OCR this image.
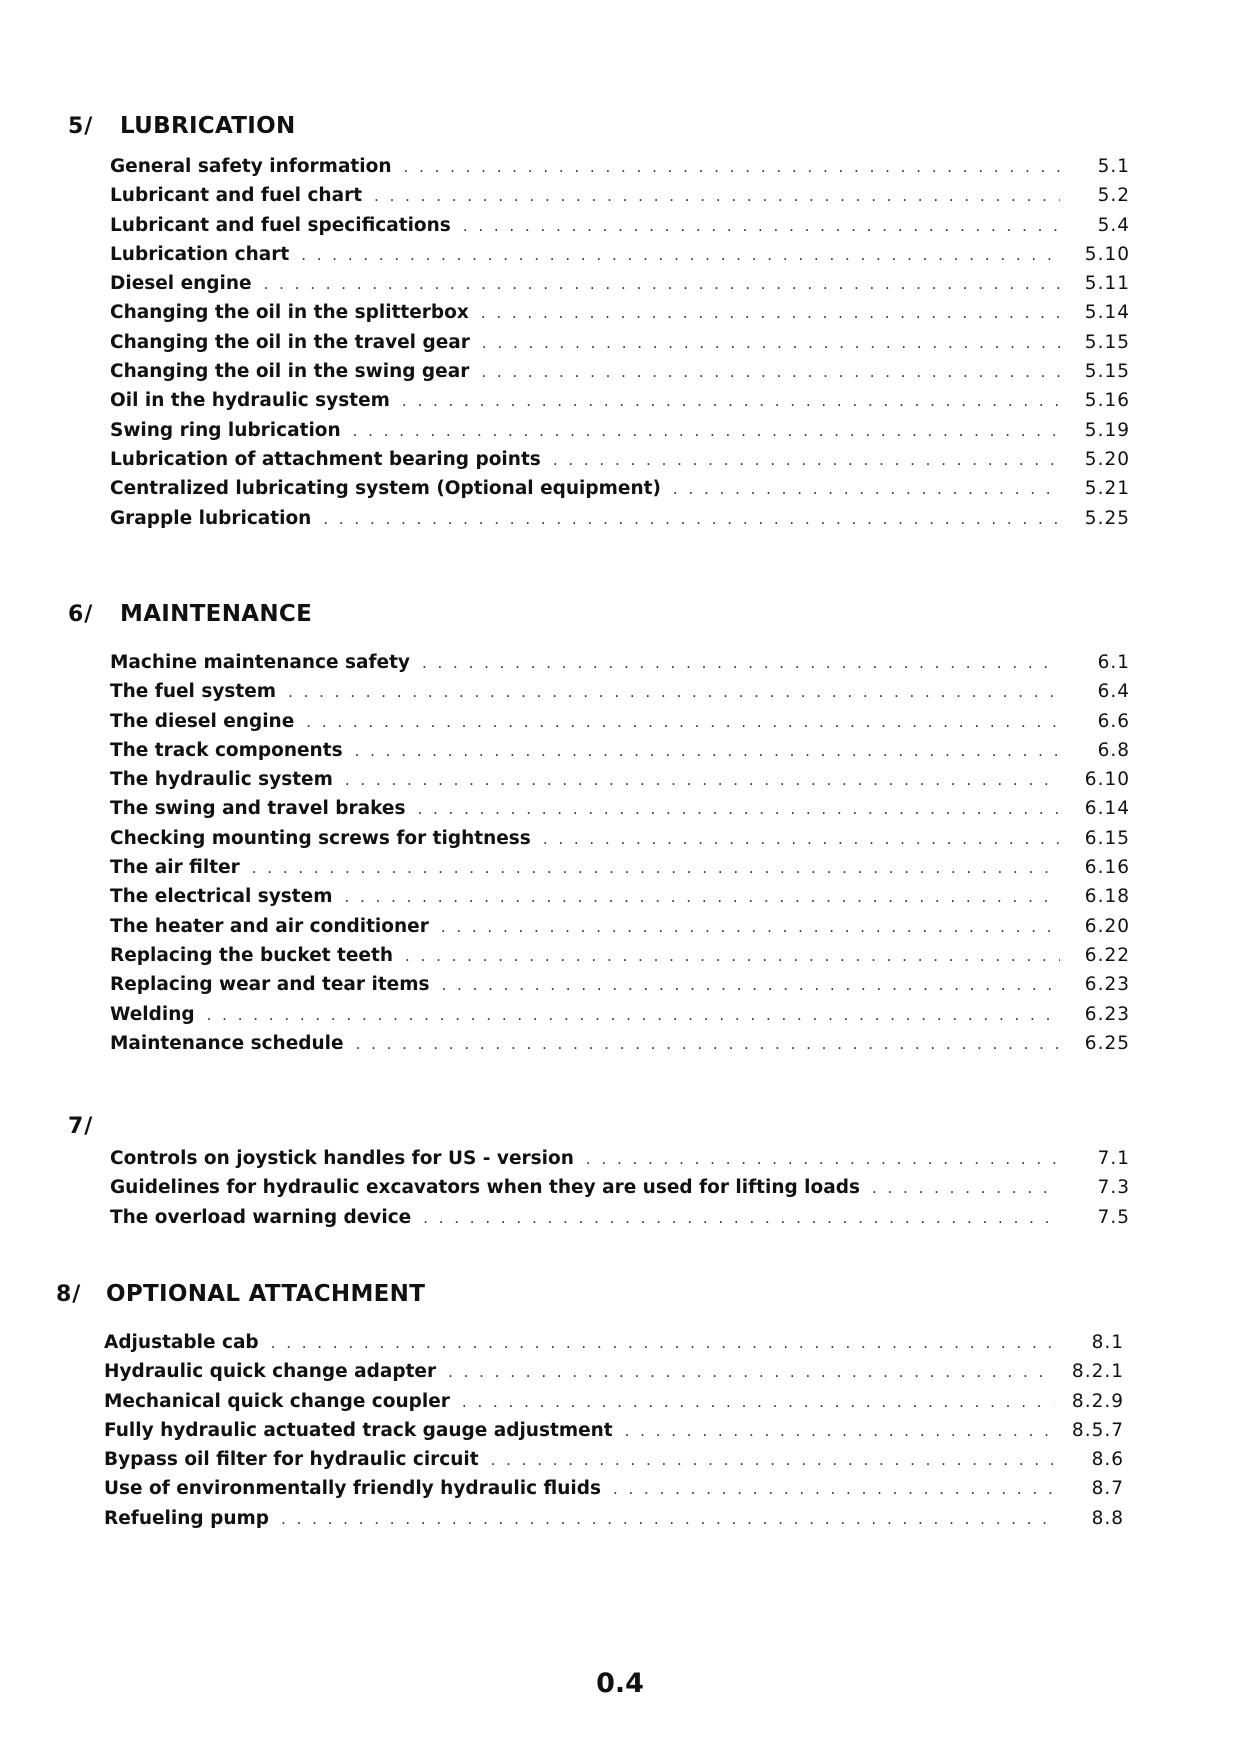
5/ LUBRICATION
General safety information . . .	5.1
Lubricant and fuel chart . . .	5.2
Lubricant and fuel specifications . . .	5.4
Lubrication chart . . .	5.10
Diesel engine . . .	5.11
Changing the oil in the splitterbox . . .	5.14
Changing the oil in the travel gear . . .	5.15
Changing the oil in the swing gear . . .	5.15
Oil in the hydraulic system . . .	5.16
Swing ring lubrication . . .	5.19
Lubrication of attachment bearing points . . .	5.20
Centralized lubricating system (Optional equipment) . . .	5.21
Grapple lubrication . . .	5.25
6/ MAINTENANCE
Machine maintenance safety . . .	6.1
The fuel system . . .	6.4
The diesel engine . . .	6.6
The track components . . .	6.8
The hydraulic system . . .	6.10
The swing and travel brakes . . .	6.14
Checking mounting screws for tightness . . .	6.15
The air filter . . .	6.16
The electrical system . . .	6.18
The heater and air conditioner . . .	6.20
Replacing the bucket teeth . . .	6.22
Replacing wear and tear items . . .	6.23
Welding . . .	6.23
Maintenance schedule . . .	6.25
7/
Controls on joystick handles for US - version . . .	7.1
Guidelines for hydraulic excavators when they are used for lifting loads . . .	7.3
The overload warning device . . .	7.5
8/ OPTIONAL ATTACHMENT
Adjustable cab . . .	8.1
Hydraulic quick change adapter . . .	8.2.1
Mechanical quick change coupler . . .	8.2.9
Fully hydraulic actuated track gauge adjustment . . .	8.5.7
Bypass oil filter for hydraulic circuit . . .	8.6
Use of environmentally friendly hydraulic fluids . . .	8.7
Refueling pump . . .	8.8
0.4
